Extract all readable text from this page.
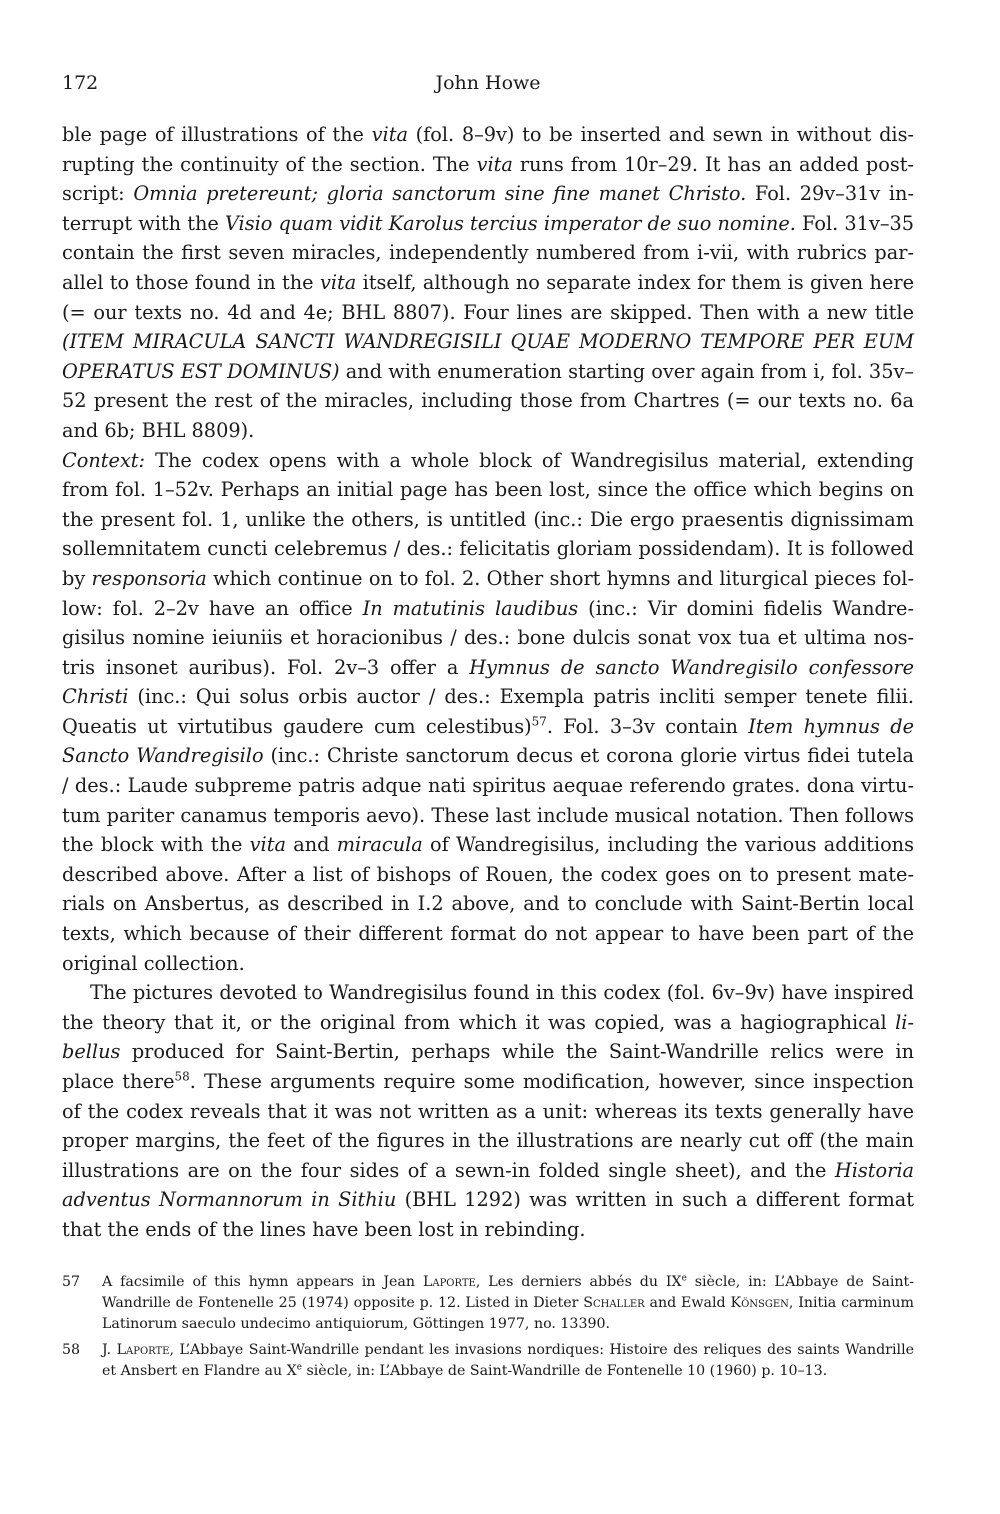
172	John Howe

ble page of illustrations of the vita (fol. 8–9v) to be inserted and sewn in without disrupting the continuity of the section. The vita runs from 10r–29. It has an added postscript: Omnia pretereunt; gloria sanctorum sine fine manet Christo. Fol. 29v–31v interrupt with the Visio quam vidit Karolus tercius imperator de suo nomine. Fol. 31v–35 contain the first seven miracles, independently numbered from i-vii, with rubrics parallel to those found in the vita itself, although no separate index for them is given here (= our texts no. 4d and 4e; BHL 8807). Four lines are skipped. Then with a new title (ITEM MIRACULA SANCTI WANDREGISILI QUAE MODERNO TEMPORE PER EUM OPERATUS EST DOMINUS) and with enumeration starting over again from i, fol. 35v–52 present the rest of the miracles, including those from Chartres (= our texts no. 6a and 6b; BHL 8809).

Context: The codex opens with a whole block of Wandregisilus material, extending from fol. 1–52v. Perhaps an initial page has been lost, since the office which begins on the present fol. 1, unlike the others, is untitled (inc.: Die ergo praesentis dignissimam sollemnitatem cuncti celebremus / des.: felicitatis gloriam possidendam). It is followed by responsoria which continue on to fol. 2. Other short hymns and liturgical pieces follow: fol. 2–2v have an office In matutinis laudibus (inc.: Vir domini fidelis Wandregisilus nomine ieiuniis et horacionibus / des.: bone dulcis sonat vox tua et ultima nostris insonet auribus). Fol. 2v–3 offer a Hymnus de sancto Wandregisilo confessore Christi (inc.: Qui solus orbis auctor / des.: Exempla patris incliti semper tenete filii. Queatis ut virtutibus gaudere cum celestibus)$^{57}$. Fol. 3–3v contain Item hymnus de Sancto Wandregisilo (inc.: Christe sanctorum decus et corona glorie virtus fidei tutela / des.: Laude subpreme patris adque nati spiritus aequae referendo grates. dona virtutum pariter canamus temporis aevo). These last include musical notation. Then follows the block with the vita and miracula of Wandregisilus, including the various additions described above. After a list of bishops of Rouen, the codex goes on to present materials on Ansbertus, as described in I.2 above, and to conclude with Saint-Bertin local texts, which because of their different format do not appear to have been part of the original collection.

The pictures devoted to Wandregisilus found in this codex (fol. 6v–9v) have inspired the theory that it, or the original from which it was copied, was a hagiographical libellus produced for Saint-Bertin, perhaps while the Saint-Wandrille relics were in place there$^{58}$. These arguments require some modification, however, since inspection of the codex reveals that it was not written as a unit: whereas its texts generally have proper margins, the feet of the figures in the illustrations are nearly cut off (the main illustrations are on the four sides of a sewn-in folded single sheet), and the Historia adventus Normannorum in Sithiu (BHL 1292) was written in such a different format that the ends of the lines have been lost in rebinding.

57 A facsimile of this hymn appears in Jean Laporte, Les derniers abbés du IXe siècle, in: L’Abbaye de Saint-Wandrille de Fontenelle 25 (1974) opposite p. 12. Listed in Dieter Schaller and Ewald Könsgen, Initia carminum Latinorum saeculo undecimo antiquiorum, Göttingen 1977, no. 13390.
58 J. Laporte, L’Abbaye Saint-Wandrille pendant les invasions nordiques: Histoire des reliques des saints Wandrille et Ansbert en Flandre au Xe siècle, in: L’Abbaye de Saint-Wandrille de Fontenelle 10 (1960) p. 10–13.
